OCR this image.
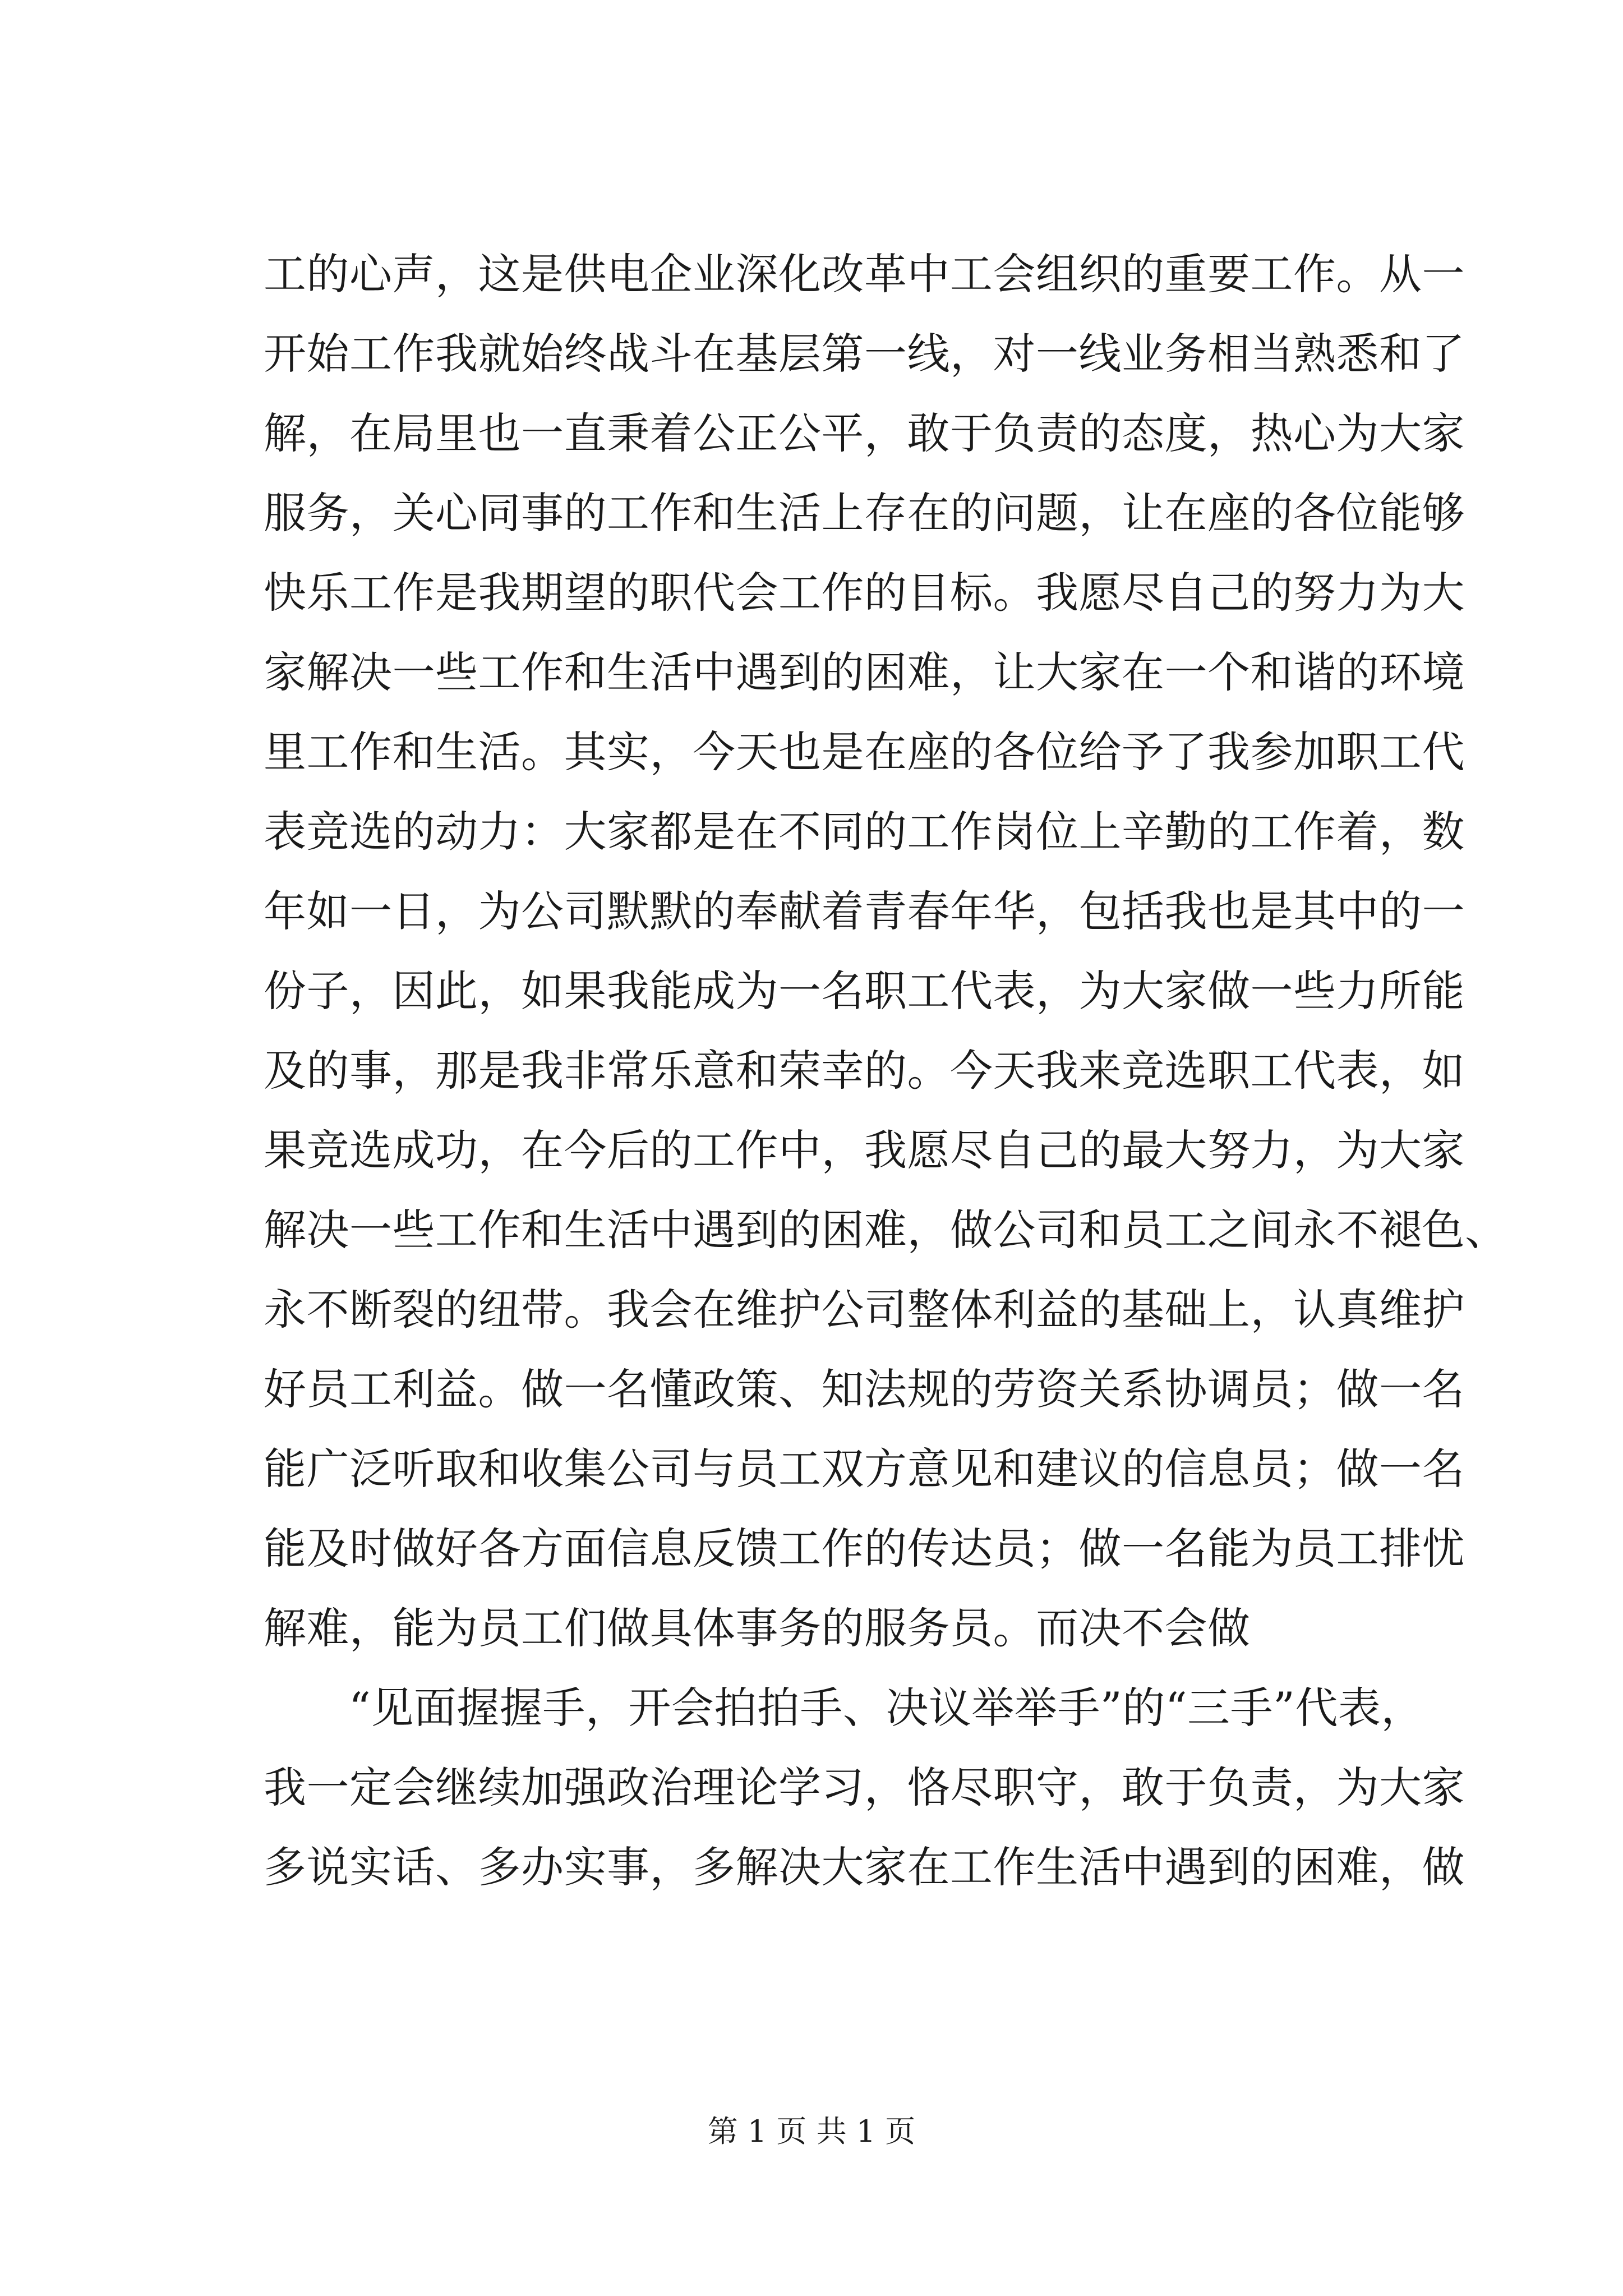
工的心声，这是供电企业深化改革中工会组织的重要工作。从一
开始工作我就始终战斗在基层第一线，对一线业务相当熟悉和了
解，在局里也一直秉着公正公平，敢于负责的态度，热心为大家
服务，关心同事的工作和生活上存在的问题，让在座的各位能够
快乐工作是我期望的职代会工作的目标。我愿尽自己的努力为大
家解决一些工作和生活中遇到的困难，让大家在一个和谐的环境
里工作和生活。其实，今天也是在座的各位给予了我参加职工代
表竞选的动力：大家都是在不同的工作岗位上辛勤的工作着，数
年如一日，为公司默默的奉献着青春年华，包括我也是其中的一
份子，因此，如果我能成为一名职工代表，为大家做一些力所能
及的事，那是我非常乐意和荣幸的。今天我来竞选职工代表，如
果竞选成功，在今后的工作中，我愿尽自己的最大努力，为大家
解决一些工作和生活中遇到的困难，做公司和员工之间永不褪色、
永不断裂的纽带。我会在维护公司整体利益的基础上，认真维护
好员工利益。做一名懂政策、知法规的劳资关系协调员；做一名
能广泛听取和收集公司与员工双方意见和建议的信息员；做一名
能及时做好各方面信息反馈工作的传达员；做一名能为员工排忧
解难，能为员工们做具体事务的服务员。而决不会做
“见面握握手，开会拍拍手、决议举举手”的“三手”代表，
我一定会继续加强政治理论学习，恪尽职守，敢于负责，为大家
多说实话、多办实事，多解决大家在工作生活中遇到的困难，做
第 1 页 共 1 页
